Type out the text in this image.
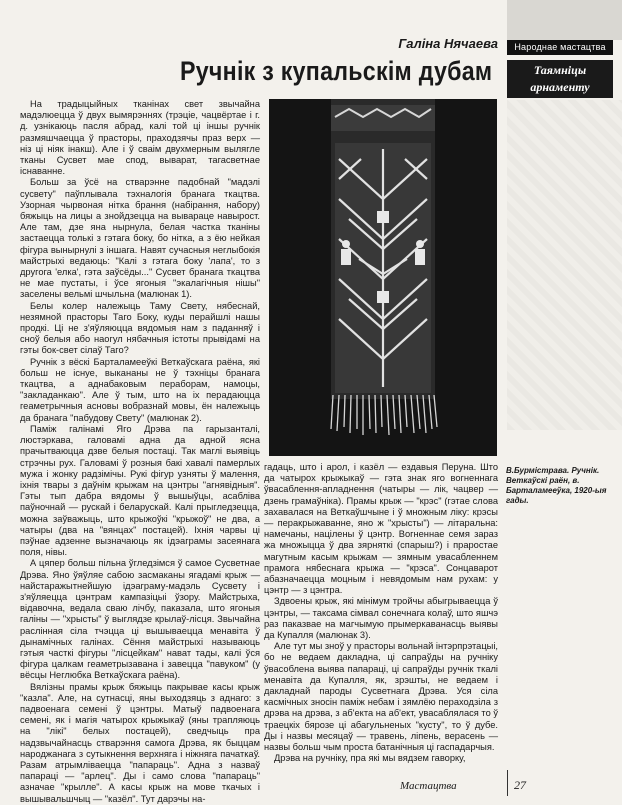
Народнае мастацтва
Галіна Нячаева
Ручнік з купальскім дубам	Таямніцы арнаменту
В.Бурмістрава. Ручнік. Веткаўскі раён, в. Барталамееўка, 1920-ыя гады.

На традыцыйных тканінах свет звычайна мадэлюецца ў двух вымярэннях (трэціе, чацвёртае і г. д. узнікаюць пасля абрад, калі той ці іншы ручнік размяшчаецца ў прасторы, праходзячы праз верх — ніз ці ніяк інакш). Але і ў сваім двухмерным вылягле тканы Сусвет мае спод, выварат, тагасветнае існаванне.

Больш за ўсё на стварэнне падобнай "мадэлі сусвету" паўплывала тэхналогія бранага ткацтва. Узорная чырвоная нітка брання (набірання, набору) бяжыць на лицы а знойдзецца на вывараце навырост. Але там, дзе яна нырнула, белая частка тканіны застаецца толькі з гэтага боку, бо нітка, а з ёю нейкая фігура вынырнулі з іншага. Навят сучасныя неглыбокія майстрыхі ведаюць: "Калі з гэтага боку 'лапа', то з другога 'елка', гэта заўсёды..." Сусвет бранага ткацтва не мае пустаты, і ўсе ягоныя "экалагічныя нішы" заселены вельмі шчыльна (малюнак 1).

Белы колер належыць Таму Свету, нябеснай, незямной прасторы Таго Боку, куды перайшлі нашы продкі. Ці не з'яўляюцца вядомыя нам з паданняў і сноў белыя або наогул нябачныя істоты прывідамі на гэты бок-свет сілаў Таго?

Ручнік з вёскі Барталамееўкі Веткаўскага раёна, які больш не існуе, выкананы не ў тэхніцы бранага ткацтва, а аднабаковым пераборам, намоцы, "закладанкаю". Але ў тым, што на іх перадаюцца геаметрычныя асновы вобразнай мовы, ён належыць да бранага "пабудову Свету" (малюнак 2).

Паміж галінамі Яго Дрэва па гарызанталі, люстэркава, галовамі адна да адной ясна прачытваюцца дзве белыя постаці. Так маглі выявіць стрэчны рух. Галовамі ў розныя бакі хавалі памерлых мужа і жонку радзімічы. Рукі фігур узняты ў малення, іхнія твары з даўнім крыжам на цэнтры "агнявідныя". Гэты тып дабра вядомы ў вышыўцы, асабліва паўночнай — рускай і беларускай. Калі прыгледзецца, можна заўважыць, што крыжоўкі "крыжоў" не два, а чатыры (два на "вянцах" постацей). Іхнія чарвы ці пэўнае адзенне вызначаюць як ідэаграмы засеянага поля, нівы.

А цяпер больш пільна ўгледзімся ў самое Сусветнае Дрэва. Яно ўяўляе сабою засмаканы ягадамі крыж — найстаражытнейшую ідэаграму-мадэль Сусвету і з'яўляецца цэнтрам кампазіцыі ўзору. Майстрыха, відавочна, ведала сваю лічбу, паказала, што ягоныя галіны — "хрысты" ў выглядзе крылаў-лісця. Звычайна раслінная сіла тчэцца ці вышываецца менавіта ў дынамічных галінах. Сёння майстрыхі называюць гэтыя часткі фігуры "лісцейкам" нават тады, калі ўся фігура цалкам геаметрызавана і завецца "павуком" (у вёсцы Неглюбка Веткаўскага раёна).

Вялізны прамы крыж бяжыць пакрывае касы крыж "казла". Але, на сутнасці, яны выходзяць з аднаго: з падвоенага семені ў цэнтры. Матыў падвоенага семені, як і магія чатырох крыжыкаў (яны трапляюць на "лікі" белых постацей), сведчыць пра надзвычайнасць стварэння самога Дрэва, як быццам народжанага з сутыкнення верхняга і ніжняга пачаткаў. Разам атрымліваецца "папараць". Адна з назваў папараці — "арлец". Ды і само слова "папараць" азначае "крылле". А касы крыж на мове ткачых і вышывальшчыц — "казёл". Тут дарэчы на-

гадаць, што і арол, і казёл — ездавыя Перуна. Што да чатырох крыжыкаў — гэта знак яго вогненнага ўвасаблення-апладнення (чатыры — лік, чацвер — дзень грамаўніка). Прамы крыж — "крэс" (гэтае слова захавалася на Веткаўшчыне і ў множным ліку: крэсы — перакрыжаванне, яно ж "хрысты") — літаральна: намечаны, націлены ў цэнтр. Вогненнае семя зараз жа множыцца ў два зярняткі (спарыш?) і праростае магутным касым крыжам — зямным увасабленнем прамога нябеснага крыжа — "крэса". Сонцаварот абазначаецца моцным і невядомым нам рухам: у цэнтр — з цэнтра.

Здвоены крыж, які мінімум тройчы абыгрываецца ў цэнтры, — таксама сімвал сонечнага колаў, што яшчэ раз паказвае на магчымую прымеркаванасць выявы да Купалля (малюнак 3).

Але тут мы зноў у прасторы вольнай інтэрпрэтацыі, бо не ведаем дакладна, ці сапраўды на ручніку ўвасоблена выява папараці, ці сапраўды ручнік ткалі менавіта да Купалля, як, зрэшты, не ведаем і дакладнай пароды Сусветнага Дрэва. Уся сіла касмічных зносін паміж небам і зямлёю пераходзіла з дрэва на дрэва, з аб'екта на аб'ект, увасаблялася то ў траецкіх бярозе ці абагульненых "кусту", то ў дубе. Ды і назвы месяцаў — травень, ліпень, верасень — назвы больш чым проста батанічныя ці гаспадарчыя.

Дрэва на ручніку, пра які мы вядзем гаворку,

Мастацтва	27
